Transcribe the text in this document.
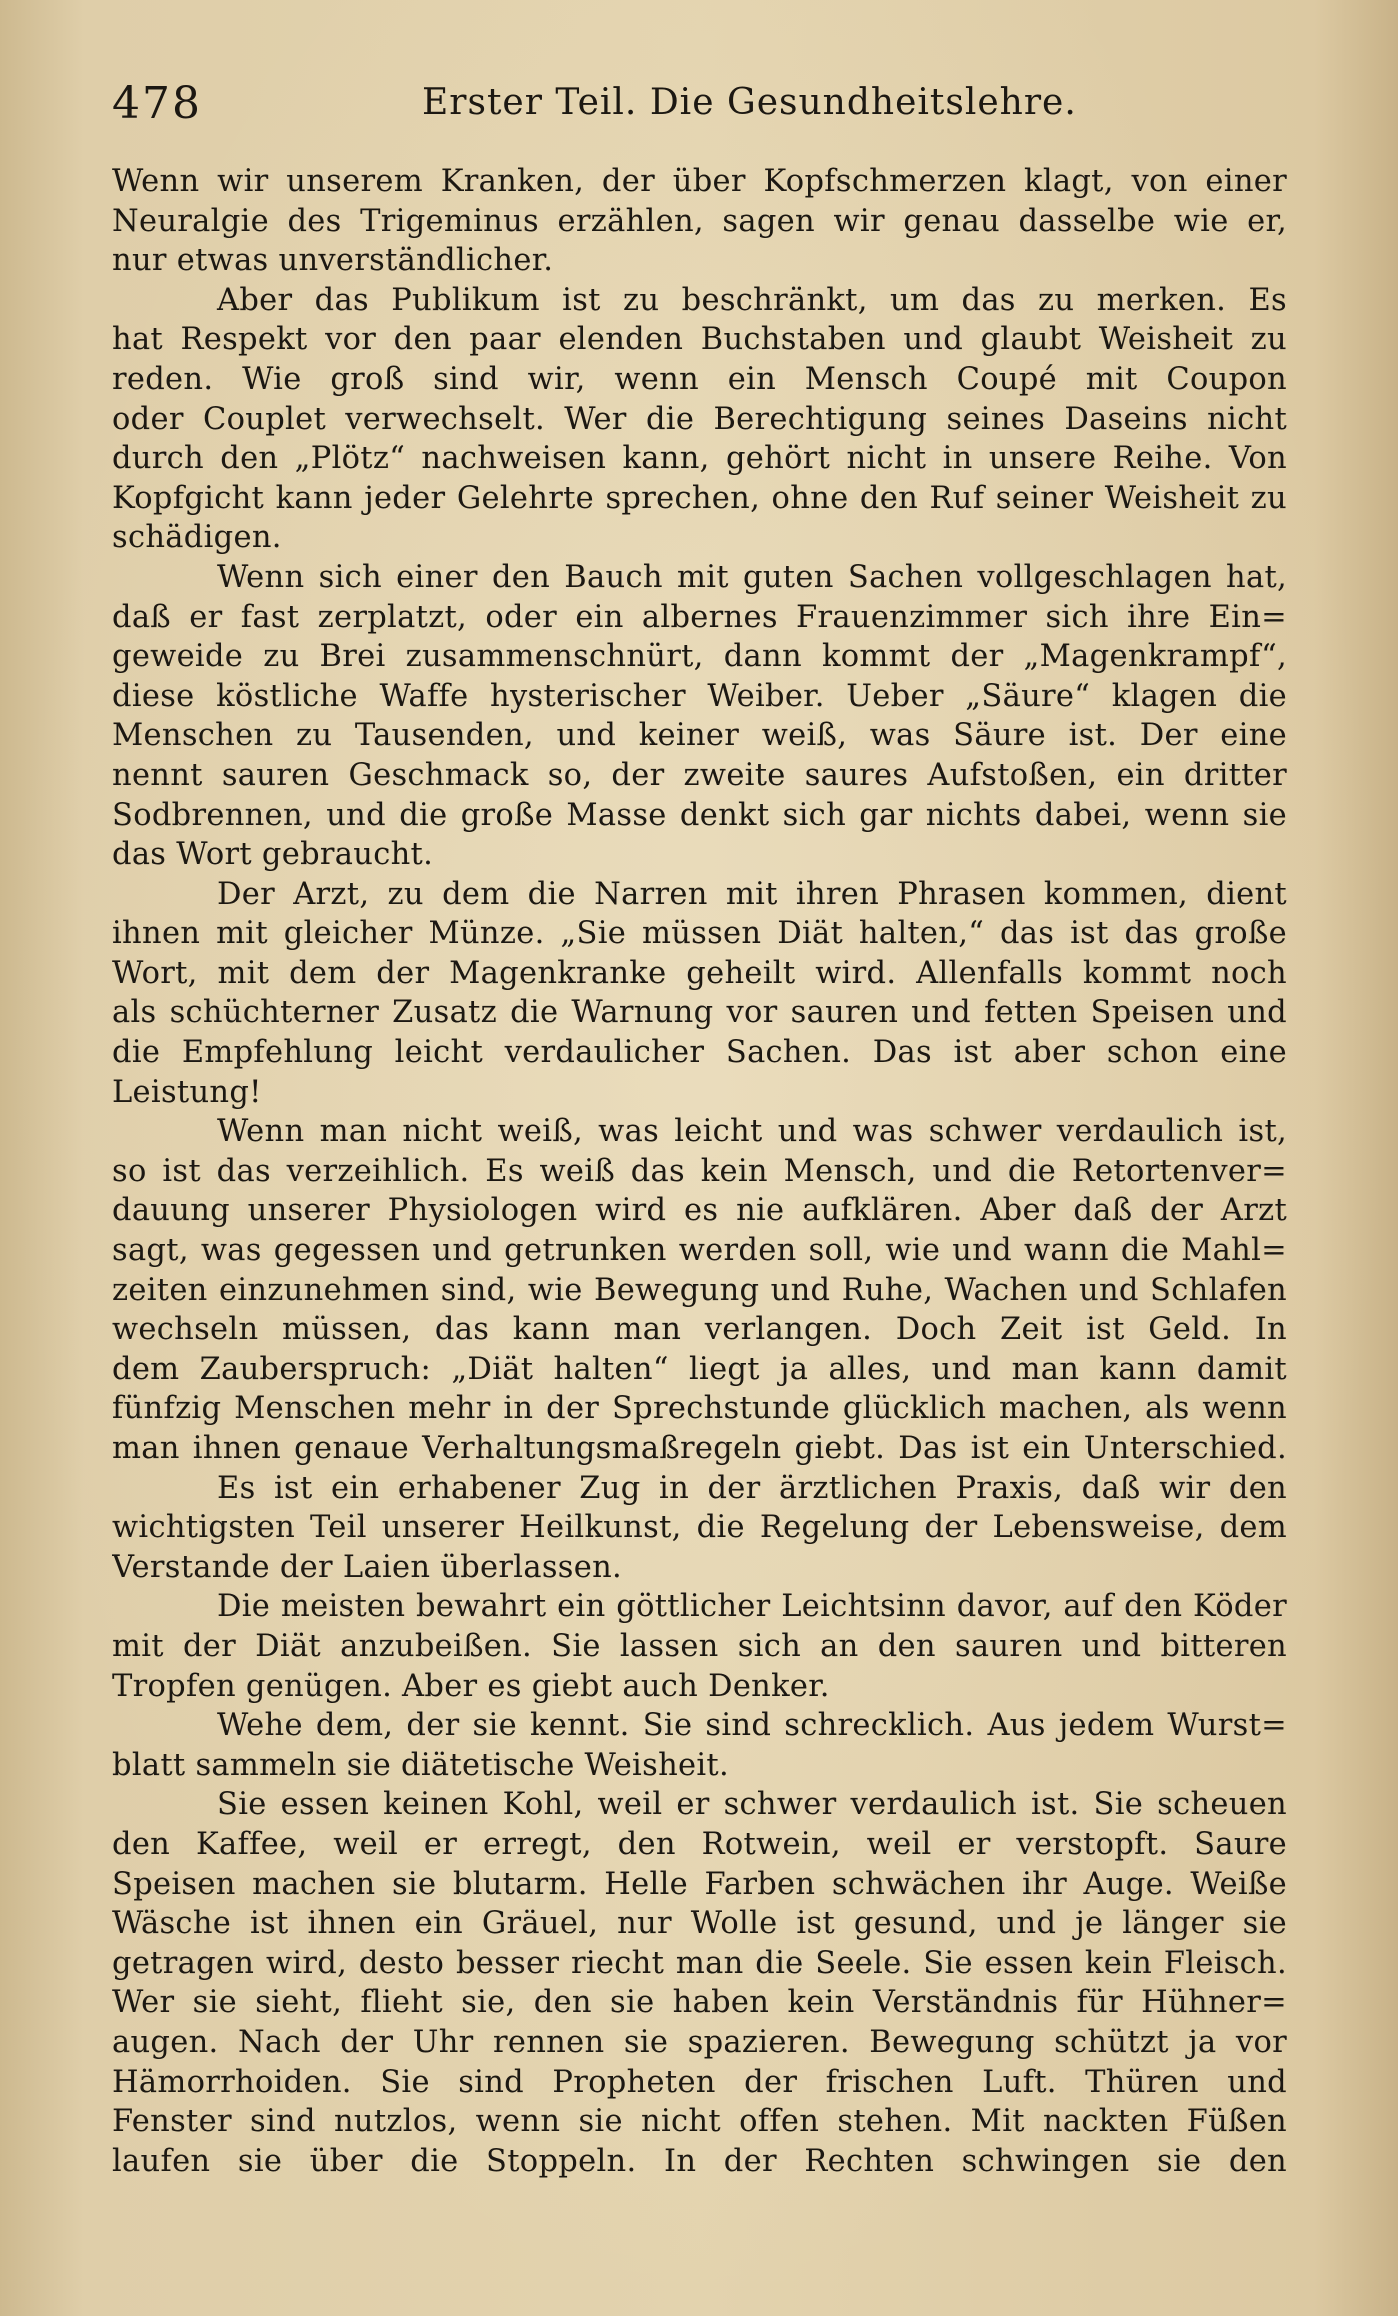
478	Erster Teil. Die Gesundheitslehre.
Wenn wir unserem Kranken, der über Kopfschmerzen klagt, von einer
Neuralgie des Trigeminus erzählen, sagen wir genau dasselbe wie er,
nur etwas unverständlicher.
Aber das Publikum ist zu beschränkt, um das zu merken. Es
hat Respekt vor den paar elenden Buchstaben und glaubt Weisheit zu
reden. Wie groß sind wir, wenn ein Mensch Coupé mit Coupon
oder Couplet verwechselt. Wer die Berechtigung seines Daseins nicht
durch den „Plötz“ nachweisen kann, gehört nicht in unsere Reihe. Von
Kopfgicht kann jeder Gelehrte sprechen, ohne den Ruf seiner Weisheit zu
schädigen.
Wenn sich einer den Bauch mit guten Sachen vollgeschlagen hat,
daß er fast zerplatzt, oder ein albernes Frauenzimmer sich ihre Ein=
geweide zu Brei zusammenschnürt, dann kommt der „Magenkrampf“,
diese köstliche Waffe hysterischer Weiber. Ueber „Säure“ klagen die
Menschen zu Tausenden, und keiner weiß, was Säure ist. Der eine
nennt sauren Geschmack so, der zweite saures Aufstoßen, ein dritter
Sodbrennen, und die große Masse denkt sich gar nichts dabei, wenn sie
das Wort gebraucht.
Der Arzt, zu dem die Narren mit ihren Phrasen kommen, dient
ihnen mit gleicher Münze. „Sie müssen Diät halten,“ das ist das große
Wort, mit dem der Magenkranke geheilt wird. Allenfalls kommt noch
als schüchterner Zusatz die Warnung vor sauren und fetten Speisen und
die Empfehlung leicht verdaulicher Sachen. Das ist aber schon eine
Leistung!
Wenn man nicht weiß, was leicht und was schwer verdaulich ist,
so ist das verzeihlich. Es weiß das kein Mensch, und die Retortenver=
dauung unserer Physiologen wird es nie aufklären. Aber daß der Arzt
sagt, was gegessen und getrunken werden soll, wie und wann die Mahl=
zeiten einzunehmen sind, wie Bewegung und Ruhe, Wachen und Schlafen
wechseln müssen, das kann man verlangen. Doch Zeit ist Geld. In
dem Zauberspruch: „Diät halten“ liegt ja alles, und man kann damit
fünfzig Menschen mehr in der Sprechstunde glücklich machen, als wenn
man ihnen genaue Verhaltungsmaßregeln giebt. Das ist ein Unterschied.
Es ist ein erhabener Zug in der ärztlichen Praxis, daß wir den
wichtigsten Teil unserer Heilkunst, die Regelung der Lebensweise, dem
Verstande der Laien überlassen.
Die meisten bewahrt ein göttlicher Leichtsinn davor, auf den Köder
mit der Diät anzubeißen. Sie lassen sich an den sauren und bitteren
Tropfen genügen. Aber es giebt auch Denker.
Wehe dem, der sie kennt. Sie sind schrecklich. Aus jedem Wurst=
blatt sammeln sie diätetische Weisheit.
Sie essen keinen Kohl, weil er schwer verdaulich ist. Sie scheuen
den Kaffee, weil er erregt, den Rotwein, weil er verstopft. Saure
Speisen machen sie blutarm. Helle Farben schwächen ihr Auge. Weiße
Wäsche ist ihnen ein Gräuel, nur Wolle ist gesund, und je länger sie
getragen wird, desto besser riecht man die Seele. Sie essen kein Fleisch.
Wer sie sieht, flieht sie, den sie haben kein Verständnis für Hühner=
augen. Nach der Uhr rennen sie spazieren. Bewegung schützt ja vor
Hämorrhoiden. Sie sind Propheten der frischen Luft. Thüren und
Fenster sind nutzlos, wenn sie nicht offen stehen. Mit nackten Füßen
laufen sie über die Stoppeln. In der Rechten schwingen sie den
